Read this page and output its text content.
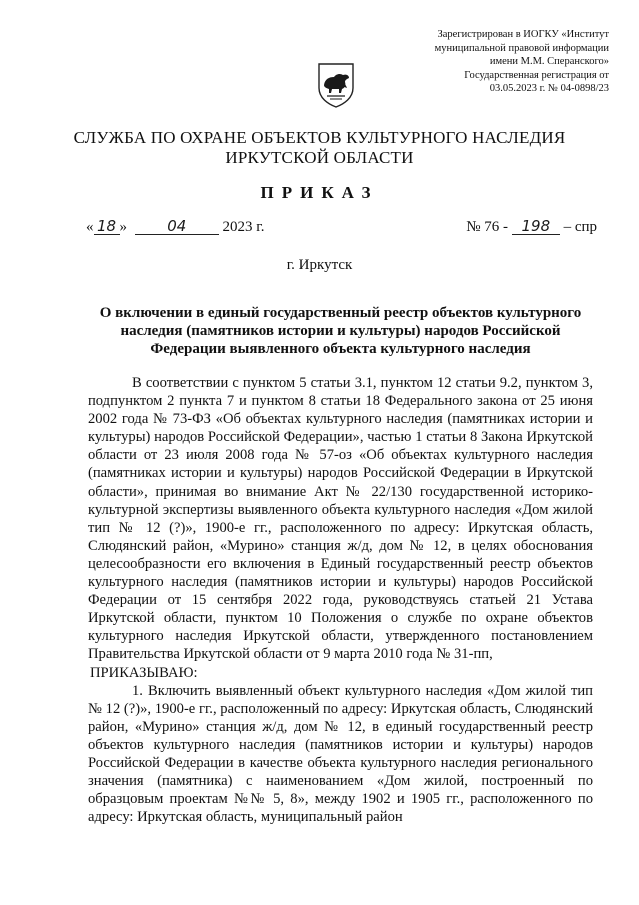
Зарегистрирован в ИОГКУ «Институт
муниципальной правовой информации
имени М.М. Сперанского»
Государственная регистрация от
03.05.2023 г. № 04-0898/23
СЛУЖБА ПО ОХРАНЕ ОБЪЕКТОВ КУЛЬТУРНОГО НАСЛЕДИЯ
ИРКУТСКОЙ ОБЛАСТИ
ПРИКАЗ
« 18 »	04 2023 г.	№ 76 - 198 – спр
г. Иркутск
О включении в единый государственный реестр объектов культурного наследия (памятников истории и культуры) народов Российской Федерации выявленного объекта культурного наследия

В соответствии с пунктом 5 статьи 3.1, пунктом 12 статьи 9.2, пунктом 3, подпунктом 2 пункта 7 и пунктом 8 статьи 18 Федерального закона от 25 июня 2002 года № 73-ФЗ «Об объектах культурного наследия (памятниках истории и культуры) народов Российской Федерации», частью 1 статьи 8 Закона Иркутской области от 23 июля 2008 года № 57-оз «Об объектах культурного наследия (памятниках истории и культуры) народов Российской Федерации в Иркутской области», принимая во внимание Акт № 22/130 государственной историко-культурной экспертизы выявленного объекта культурного наследия «Дом жилой тип № 12 (?)», 1900-е гг., расположенного по адресу: Иркутская область, Слюдянский район, «Мурино» станция ж/д, дом № 12, в целях обоснования целесообразности его включения в Единый государственный реестр объектов культурного наследия (памятников истории и культуры) народов Российской Федерации от 15 сентября 2022 года, руководствуясь статьей 21 Устава Иркутской области, пунктом 10 Положения о службе по охране объектов культурного наследия Иркутской области, утвержденного постановлением Правительства Иркутской области от 9 марта 2010 года № 31-пп,

ПРИКАЗЫВАЮ:

1. Включить выявленный объект культурного наследия «Дом жилой тип № 12 (?)», 1900-е гг., расположенный по адресу: Иркутская область, Слюдянский район, «Мурино» станция ж/д, дом № 12, в единый государственный реестр объектов культурного наследия (памятников истории и культуры) народов Российской Федерации в качестве объекта культурного наследия регионального значения (памятника) с наименованием «Дом жилой, построенный по образцовым проектам №№ 5, 8», между 1902 и 1905 гг., расположенного по адресу: Иркутская область, муниципальный район
